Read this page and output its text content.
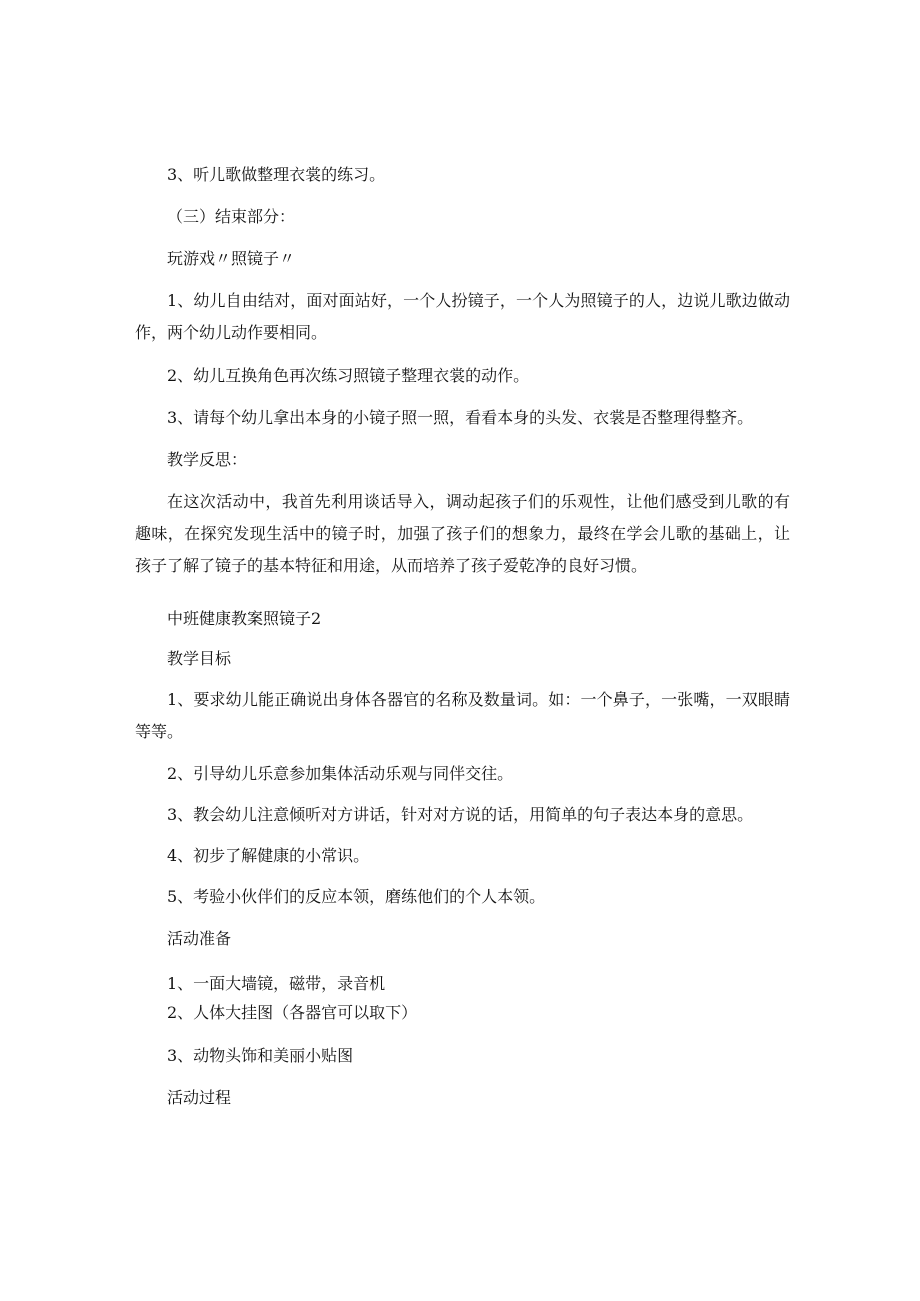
3、听儿歌做整理衣裳的练习。

（三）结束部分：

玩游戏〃照镜子〃

1、幼儿自由结对，面对面站好，一个人扮镜子，一个人为照镜子的人，边说儿歌边做动作，两个幼儿动作要相同。

2、幼儿互换角色再次练习照镜子整理衣裳的动作。

3、请每个幼儿拿出本身的小镜子照一照，看看本身的头发、衣裳是否整理得整齐。

教学反思：

在这次活动中，我首先利用谈话导入，调动起孩子们的乐观性，让他们感受到儿歌的有趣味，在探究发现生活中的镜子时，加强了孩子们的想象力，最终在学会儿歌的基础上，让孩子了解了镜子的基本特征和用途，从而培养了孩子爱乾净的良好习惯。

中班健康教案照镜子2

教学目标

1、要求幼儿能正确说出身体各器官的名称及数量词。如：一个鼻子，一张嘴，一双眼睛等等。

2、引导幼儿乐意参加集体活动乐观与同伴交往。

3、教会幼儿注意倾听对方讲话，针对对方说的话，用简单的句子表达本身的意思。

4、初步了解健康的小常识。

5、考验小伙伴们的反应本领，磨练他们的个人本领。

活动准备

1、一面大墙镜，磁带，录音机

2、人体大挂图（各器官可以取下）

3、动物头饰和美丽小贴图

活动过程
